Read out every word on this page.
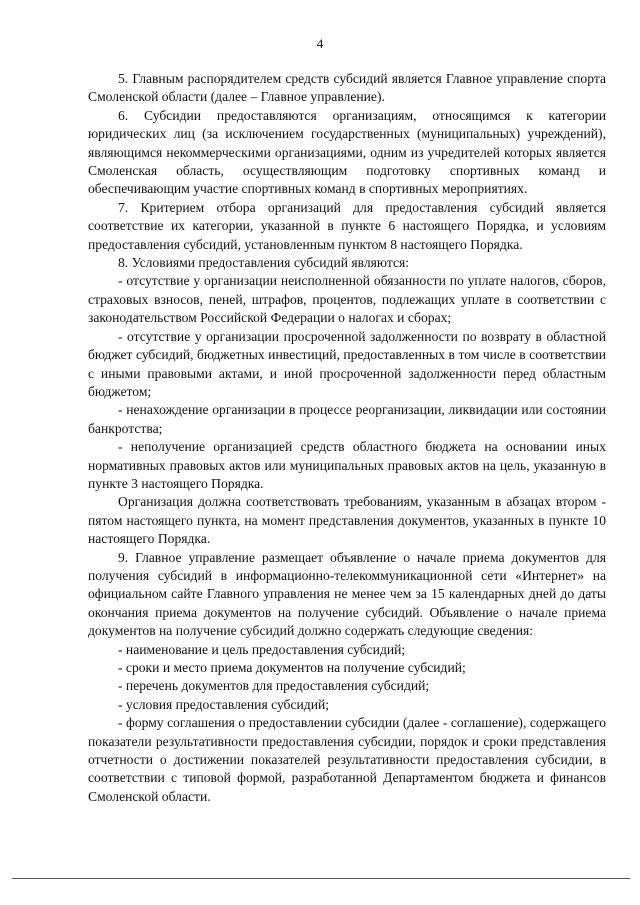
4

5. Главным распорядителем средств субсидий является Главное управление спорта Смоленской области (далее – Главное управление).

6. Субсидии предоставляются организациям, относящимся к категории юридических лиц (за исключением государственных (муниципальных) учреждений), являющимся некоммерческими организациями, одним из учредителей которых является Смоленская область, осуществляющим подготовку спортивных команд и обеспечивающим участие спортивных команд в спортивных мероприятиях.

7. Критерием отбора организаций для предоставления субсидий является соответствие их категории, указанной в пункте 6 настоящего Порядка, и условиям предоставления субсидий, установленным пунктом 8 настоящего Порядка.

8. Условиями предоставления субсидий являются:

- отсутствие у организации неисполненной обязанности по уплате налогов, сборов, страховых взносов, пеней, штрафов, процентов, подлежащих уплате в соответствии с законодательством Российской Федерации о налогах и сборах;

- отсутствие у организации просроченной задолженности по возврату в областной бюджет субсидий, бюджетных инвестиций, предоставленных в том числе в соответствии с иными правовыми актами, и иной просроченной задолженности перед областным бюджетом;

- ненахождение организации в процессе реорганизации, ликвидации или состоянии банкротства;

- неполучение организацией средств областного бюджета на основании иных нормативных правовых актов или муниципальных правовых актов на цель, указанную в пункте 3 настоящего Порядка.

Организация должна соответствовать требованиям, указанным в абзацах втором - пятом настоящего пункта, на момент представления документов, указанных в пункте 10 настоящего Порядка.

9. Главное управление размещает объявление о начале приема документов для получения субсидий в информационно-телекоммуникационной сети «Интернет» на официальном сайте Главного управления не менее чем за 15 календарных дней до даты окончания приема документов на получение субсидий. Объявление о начале приема документов на получение субсидий должно содержать следующие сведения:

- наименование и цель предоставления субсидий;

- сроки и место приема документов на получение субсидий;

- перечень документов для предоставления субсидий;

- условия предоставления субсидий;

- форму соглашения о предоставлении субсидии (далее - соглашение), содержащего показатели результативности предоставления субсидии, порядок и сроки представления отчетности о достижении показателей результативности предоставления субсидии, в соответствии с типовой формой, разработанной Департаментом бюджета и финансов Смоленской области.
